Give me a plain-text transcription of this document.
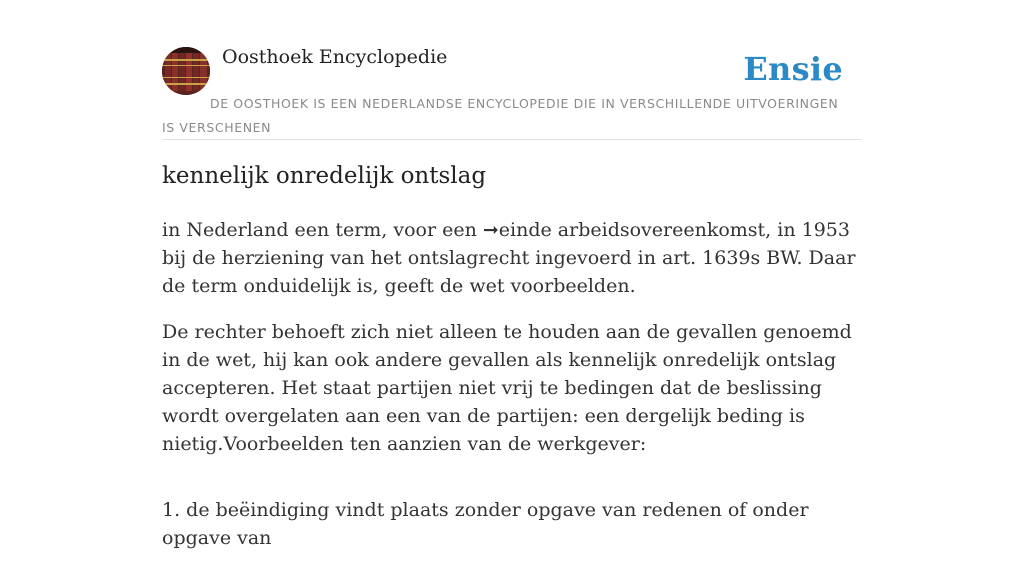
Oosthoek Encyclopedie	Ensie
DE OOSTHOEK IS EEN NEDERLANDSE ENCYCLOPEDIE DIE IN VERSCHILLENDE UITVOERINGEN IS VERSCHENEN
kennelijk onredelijk ontslag

in Nederland een term, voor een ➞einde arbeidsovereenkomst, in 1953 bij de herziening van het ontslagrecht ingevoerd in art. 1639s BW. Daar de term onduidelijk is, geeft de wet voorbeelden.

De rechter behoeft zich niet alleen te houden aan de gevallen genoemd in de wet, hij kan ook andere gevallen als kennelijk onredelijk ontslag accepteren. Het staat partijen niet vrij te bedingen dat de beslissing wordt overgelaten aan een van de partijen: een dergelijk beding is nietig.Voorbeelden ten aanzien van de werkgever:

1. de beëindiging vindt plaats zonder opgave van redenen of onder opgave van
